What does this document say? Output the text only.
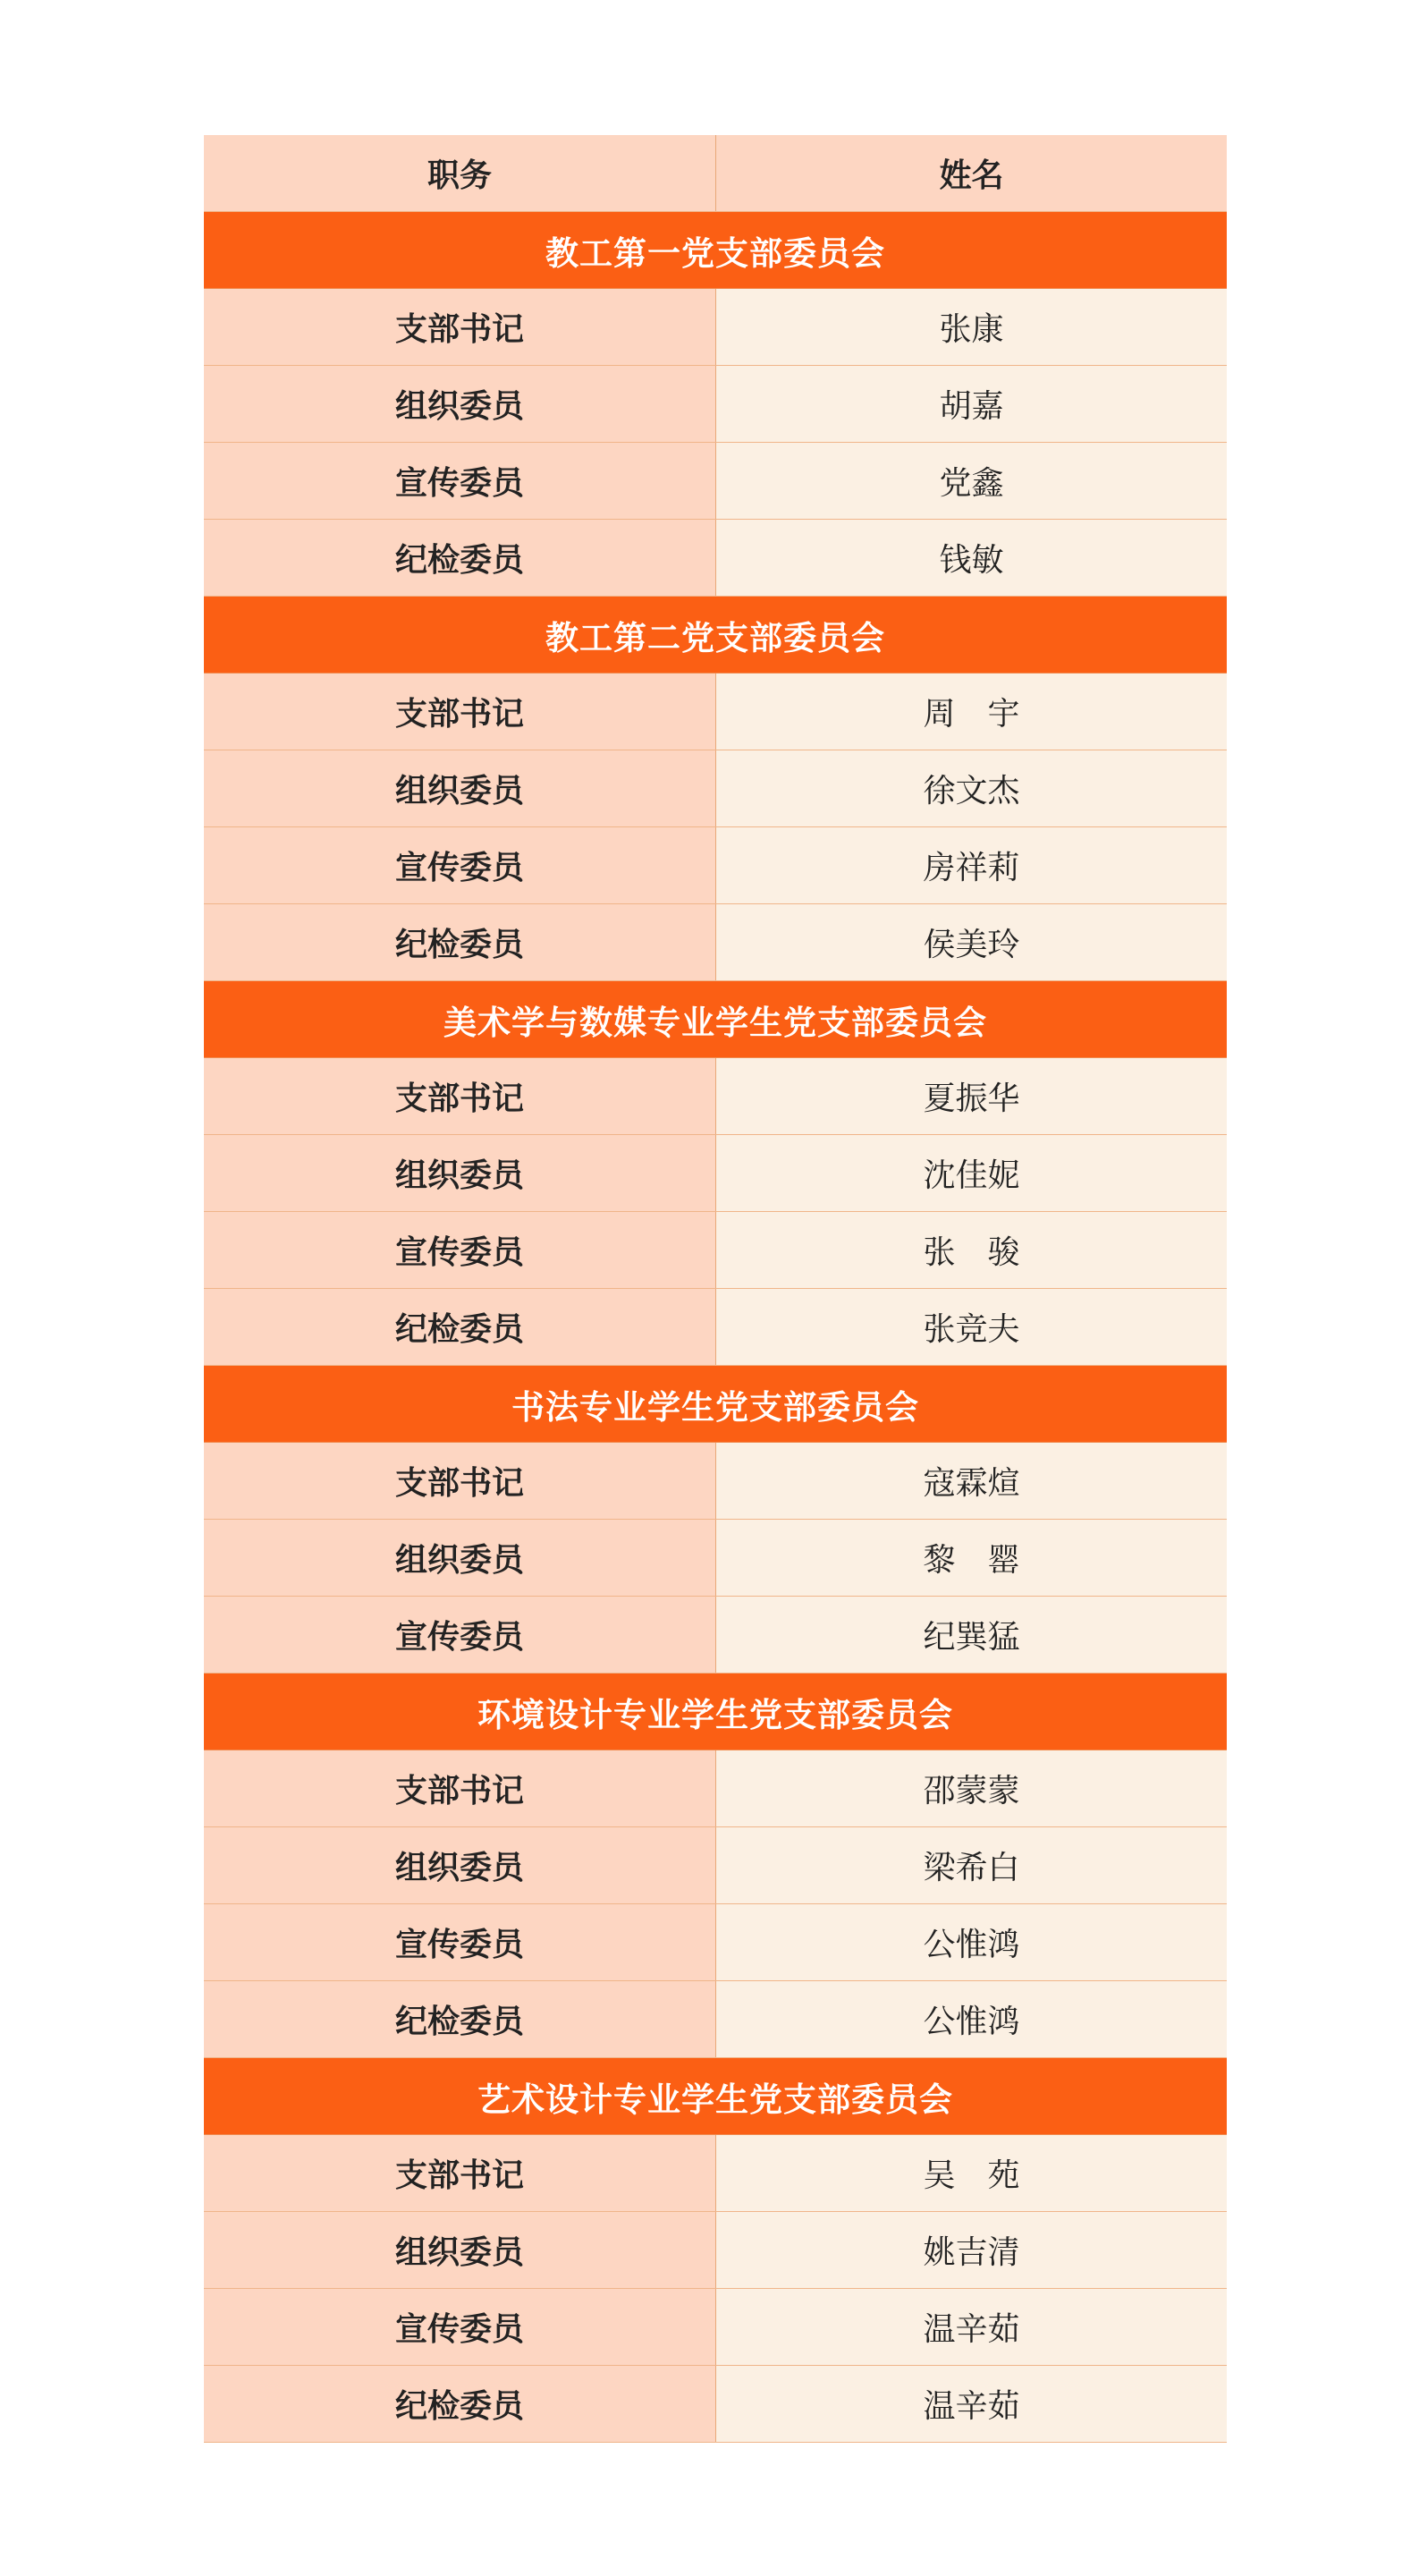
职务	姓名
教工第一党支部委员会
支部书记	张康
组织委员	胡嘉
宣传委员	党鑫
纪检委员	钱敏
教工第二党支部委员会
支部书记	周　宇
组织委员	徐文杰
宣传委员	房祥莉
纪检委员	侯美玲
美术学与数媒专业学生党支部委员会
支部书记	夏振华
组织委员	沈佳妮
宣传委员	张　骏
纪检委员	张竞夫
书法专业学生党支部委员会
支部书记	寇霖煊
组织委员	黎　罂
宣传委员	纪巽猛
环境设计专业学生党支部委员会
支部书记	邵蒙蒙
组织委员	梁希白
宣传委员	公惟鸿
纪检委员	公惟鸿
艺术设计专业学生党支部委员会
支部书记	吴　苑
组织委员	姚吉清
宣传委员	温辛茹
纪检委员	温辛茹
